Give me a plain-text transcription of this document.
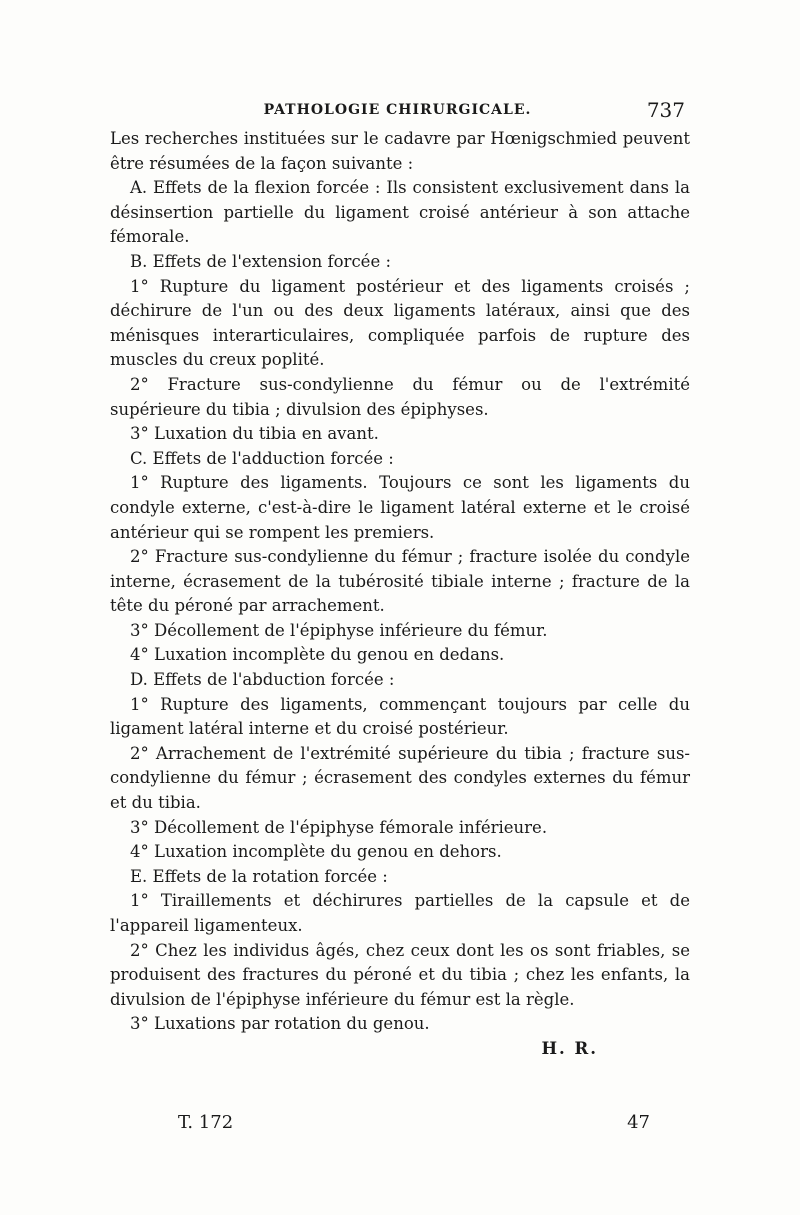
PATHOLOGIE CHIRURGICALE.	737

Les recherches instituées sur le cadavre par Hœnigschmied peuvent être résumées de la façon suivante :

A. Effets de la flexion forcée : Ils consistent exclusivement dans la désinsertion partielle du ligament croisé antérieur à son attache fémorale.

B. Effets de l'extension forcée :

1° Rupture du ligament postérieur et des ligaments croisés ; déchirure de l'un ou des deux ligaments latéraux, ainsi que des ménisques interarticulaires, compliquée parfois de rupture des muscles du creux poplité.

2° Fracture sus-condylienne du fémur ou de l'extrémité supérieure du tibia ; divulsion des épiphyses.

3° Luxation du tibia en avant.

C. Effets de l'adduction forcée :

1° Rupture des ligaments. Toujours ce sont les ligaments du condyle externe, c'est-à-dire le ligament latéral externe et le croisé antérieur qui se rompent les premiers.

2° Fracture sus-condylienne du fémur ; fracture isolée du condyle interne, écrasement de la tubérosité tibiale interne ; fracture de la tête du péroné par arrachement.

3° Décollement de l'épiphyse inférieure du fémur.

4° Luxation incomplète du genou en dedans.

D. Effets de l'abduction forcée :

1° Rupture des ligaments, commençant toujours par celle du ligament latéral interne et du croisé postérieur.

2° Arrachement de l'extrémité supérieure du tibia ; fracture sus-condylienne du fémur ; écrasement des condyles externes du fémur et du tibia.

3° Décollement de l'épiphyse fémorale inférieure.

4° Luxation incomplète du genou en dehors.

E. Effets de la rotation forcée :

1° Tiraillements et déchirures partielles de la capsule et de l'appareil ligamenteux.

2° Chez les individus âgés, chez ceux dont les os sont friables, se produisent des fractures du péroné et du tibia ; chez les enfants, la divulsion de l'épiphyse inférieure du fémur est la règle.

3° Luxations par rotation du genou.

H. R.
T. 172	47
